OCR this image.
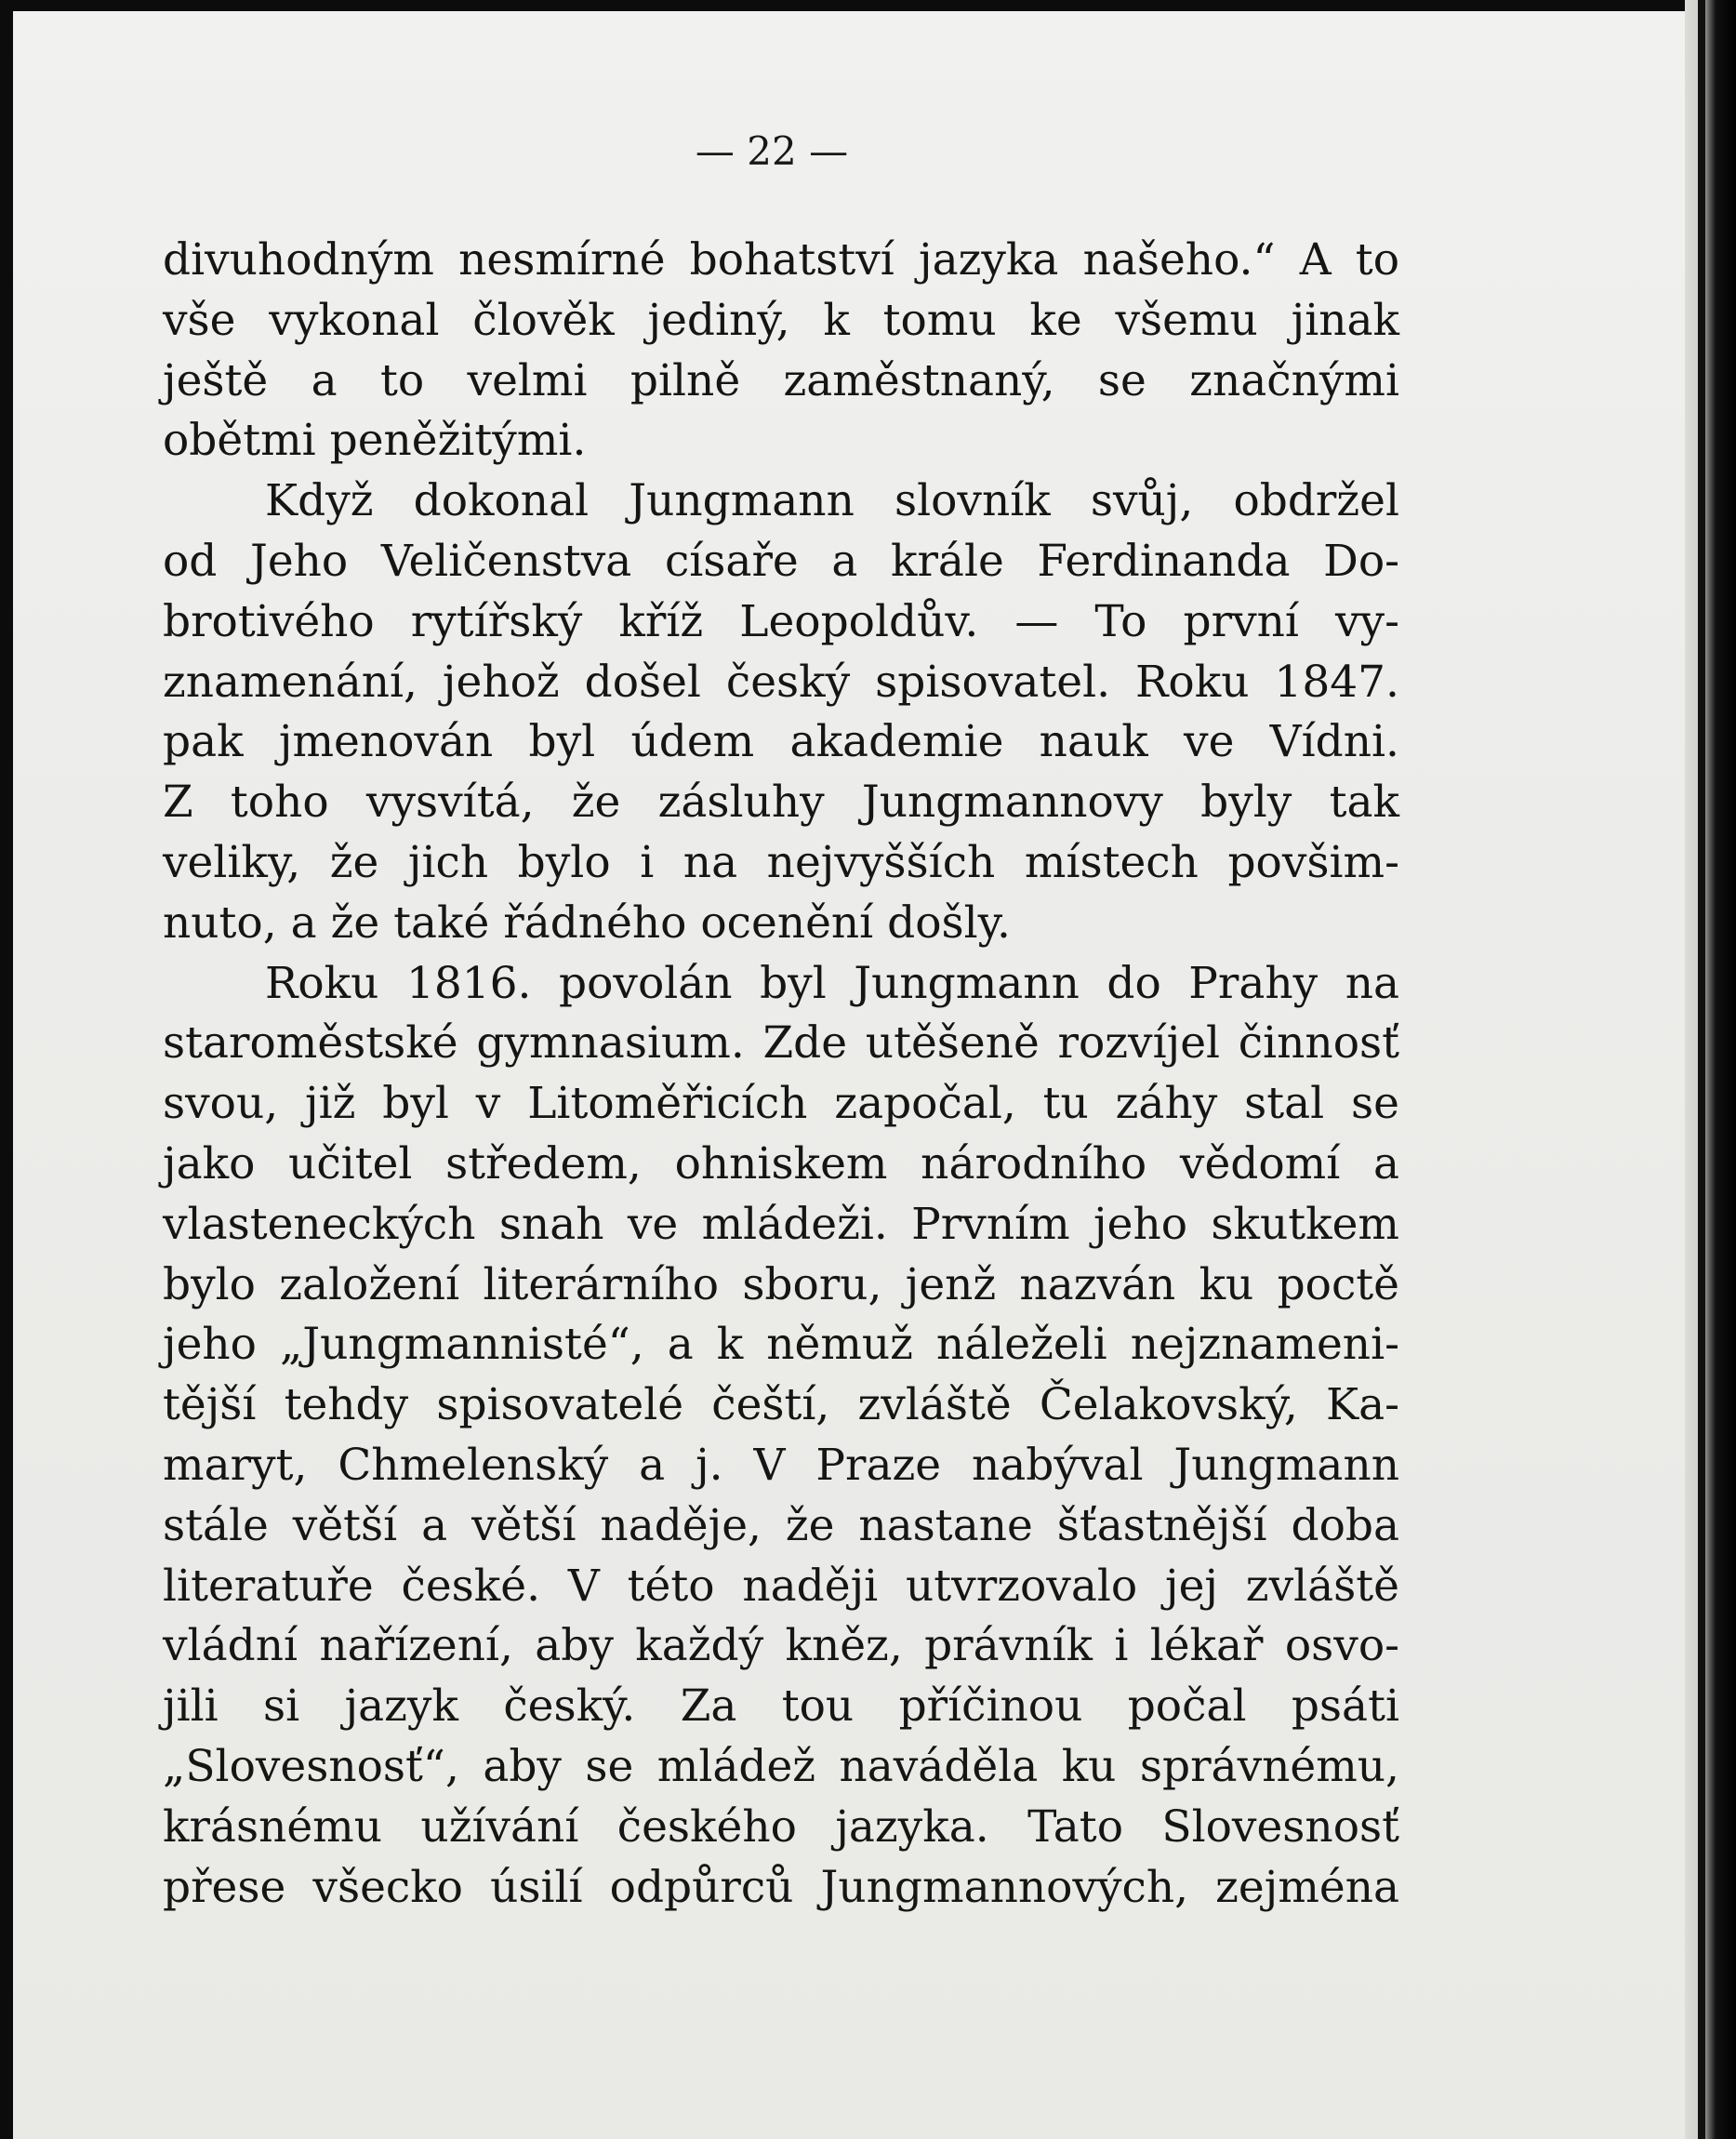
— 22 —
divuhodným nesmírné bohatství jazyka našeho.“ A to
vše vykonal člověk jediný, k tomu ke všemu jinak
ještě a to velmi pilně zaměstnaný, se značnými
obětmi peněžitými.
Když dokonal Jungmann slovník svůj, obdržel
od Jeho Veličenstva císaře a krále Ferdinanda Do-
brotivého rytířský kříž Leopoldův. — To první vy-
znamenání, jehož došel český spisovatel. Roku 1847.
pak jmenován byl údem akademie nauk ve Vídni.
Z toho vysvítá, že zásluhy Jungmannovy byly tak
veliky, že jich bylo i na nejvyšších místech povšim-
nuto, a že také řádného ocenění došly.
Roku 1816. povolán byl Jungmann do Prahy na
staroměstské gymnasium. Zde utěšeně rozvíjel činnosť
svou, již byl v Litoměřicích započal, tu záhy stal se
jako učitel středem, ohniskem národního vědomí a
vlasteneckých snah ve mládeži. Prvním jeho skutkem
bylo založení literárního sboru, jenž nazván ku poctě
jeho „Jungmannisté“, a k němuž náleželi nejznameni-
tější tehdy spisovatelé čeští, zvláště Čelakovský, Ka-
maryt, Chmelenský a j. V Praze nabýval Jungmann
stále větší a větší naděje, že nastane šťastnější doba
literatuře české. V této naději utvrzovalo jej zvláště
vládní nařízení, aby každý kněz, právník i lékař osvo-
jili si jazyk český. Za tou příčinou počal psáti
„Slovesnosť“, aby se mládež naváděla ku správnému,
krásnému užívání českého jazyka. Tato Slovesnosť
přese všecko úsilí odpůrců Jungmannových, zejména
